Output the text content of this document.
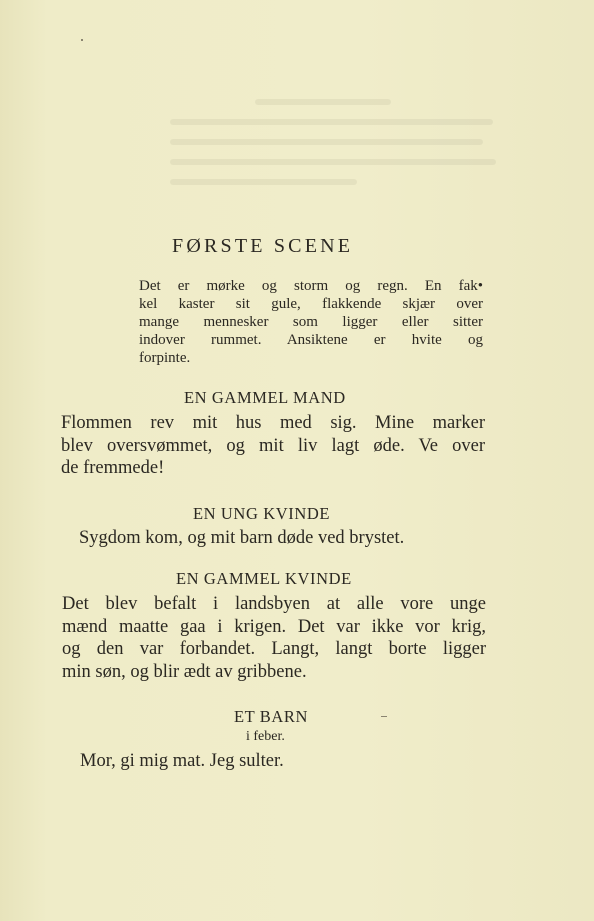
FØRSTE SCENE
Det er mørke og storm og regn. En fak•
kel kaster sit gule, flakkende skjær over
mange mennesker som ligger eller sitter
indover rummet. Ansiktene er hvite og
forpinte.
EN GAMMEL MAND
Flommen rev mit hus med sig. Mine marker
blev oversvømmet, og mit liv lagt øde. Ve over
de fremmede!
EN UNG KVINDE
Sygdom kom, og mit barn døde ved brystet.
EN GAMMEL KVINDE
Det blev befalt i landsbyen at alle vore unge
mænd maatte gaa i krigen. Det var ikke vor krig,
og den var forbandet. Langt, langt borte ligger
min søn, og blir ædt av gribbene.
ET BARN
i feber.
Mor, gi mig mat. Jeg sulter.
